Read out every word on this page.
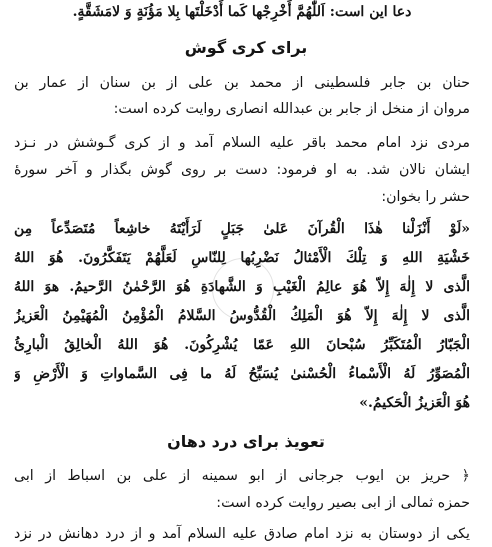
دعا این است: اَللّٰهُمَّ أَخْرِجْها کَما أَدْخَلْتَها بِلا مَؤُنَةٍ وَ لامَشَقَّةٍ.
برای کری گوش
حنان بن جابر فلسطینی از محمد بن علی از بن سنان از عمار بن
مروان از منخل از جابر بن عبدالله انصاری روایت کرده است:
مردی نزد امام محمد باقر عليه السلام آمد و از کری گـوشش در نـزد
ایشان نالان شد. به او فرمود: دست بر روی گوش بگذار و آخر سورهٔ
حشر را بخوان:
«لَوْ أَنْزَلْنا هٰذَا الْقُرآنَ عَلىٰ جَبَلٍ لَرَأَيْتَهُ خاشِعاً مُتَصَدِّعاً مِن
خَشْيَةِ اللهِ وَ تِلْكَ الْأَمْثالُ نَضْرِبُها لِلنّاسِ لَعَلَّهُمْ يَتَفَكَّرُونَ. هُوَ اللهُ
الَّذى لا إِلٰهَ إِلاّ هُوَ عالِمُ الْغَيْبِ وَ الشَّهادَةِ هُوَ الرَّحْمٰنُ الرَّحيمُ. هوَ اللهُ
الَّذى لا إِلٰهَ إِلاّ هُوَ الْمَلِكُ الْقُدُّوسُ السَّلامُ الْمُؤْمِنُ الْمُهَيْمِنُ الْعَزيزُ
الْجَبّارُ الْمُتَكَبِّرُ سُبْحانَ اللهِ عَمّا يُشْرِكُونَ. هُوَ اللهُ الْخالِقُ الْبارِئُ
الْمُصَوِّرُ لَهُ الْأَسْماءُ الْحُسْنىٰ يُسَبِّحُ لَهُ ما فِى السَّماواتِ وَ الْأَرْضِ وَ
هُوَ الْعَزيزُ الْحَكيمُ.»
تعویذ برای درد دهان
﴿ حريز بن ايوب جرجانی از ابو سمينه از علی بن اسباط از ابی
حمزه ثمالی از ابی بصير روايت کرده است:
یکی از دوستان به نزد امام صادق عليه السلام آمد و از درد دهانش در نزد
